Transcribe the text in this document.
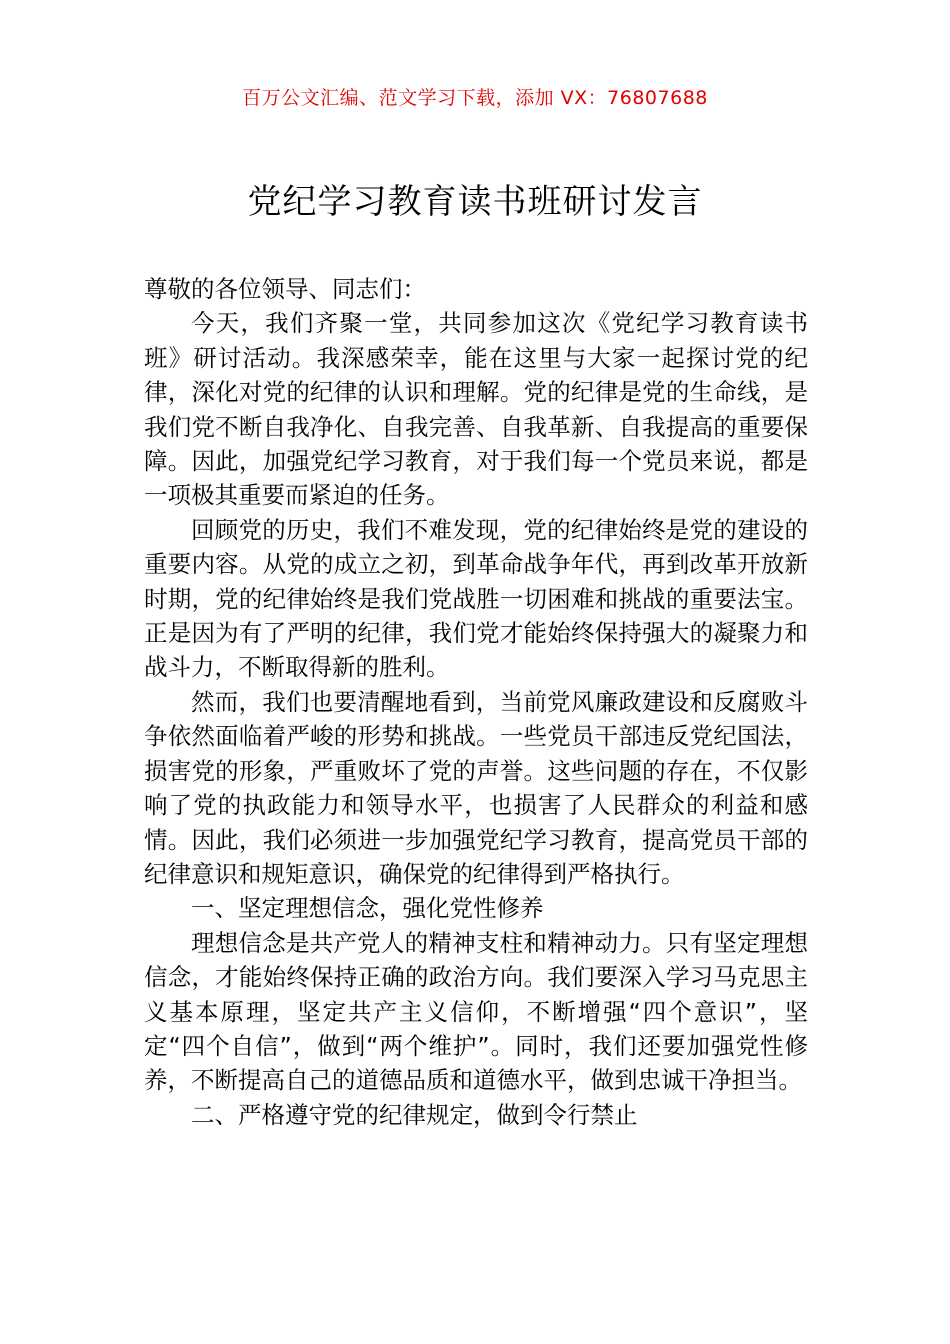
百万公文汇编、范文学习下载，添加 VX：76807688
党纪学习教育读书班研讨发言

尊敬的各位领导、同志们：

今天，我们齐聚一堂，共同参加这次《党纪学习教育读书班》研讨活动。我深感荣幸，能在这里与大家一起探讨党的纪律，深化对党的纪律的认识和理解。党的纪律是党的生命线，是我们党不断自我净化、自我完善、自我革新、自我提高的重要保障。因此，加强党纪学习教育，对于我们每一个党员来说，都是一项极其重要而紧迫的任务。

回顾党的历史，我们不难发现，党的纪律始终是党的建设的重要内容。从党的成立之初，到革命战争年代，再到改革开放新时期，党的纪律始终是我们党战胜一切困难和挑战的重要法宝。正是因为有了严明的纪律，我们党才能始终保持强大的凝聚力和战斗力，不断取得新的胜利。

然而，我们也要清醒地看到，当前党风廉政建设和反腐败斗争依然面临着严峻的形势和挑战。一些党员干部违反党纪国法，损害党的形象，严重败坏了党的声誉。这些问题的存在，不仅影响了党的执政能力和领导水平，也损害了人民群众的利益和感情。因此，我们必须进一步加强党纪学习教育，提高党员干部的纪律意识和规矩意识，确保党的纪律得到严格执行。

一、坚定理想信念，强化党性修养

理想信念是共产党人的精神支柱和精神动力。只有坚定理想信念，才能始终保持正确的政治方向。我们要深入学习马克思主义基本原理，坚定共产主义信仰，不断增强“四个意识”，坚定“四个自信”，做到“两个维护”。同时，我们还要加强党性修养，不断提高自己的道德品质和道德水平，做到忠诚干净担当。

二、严格遵守党的纪律规定，做到令行禁止
